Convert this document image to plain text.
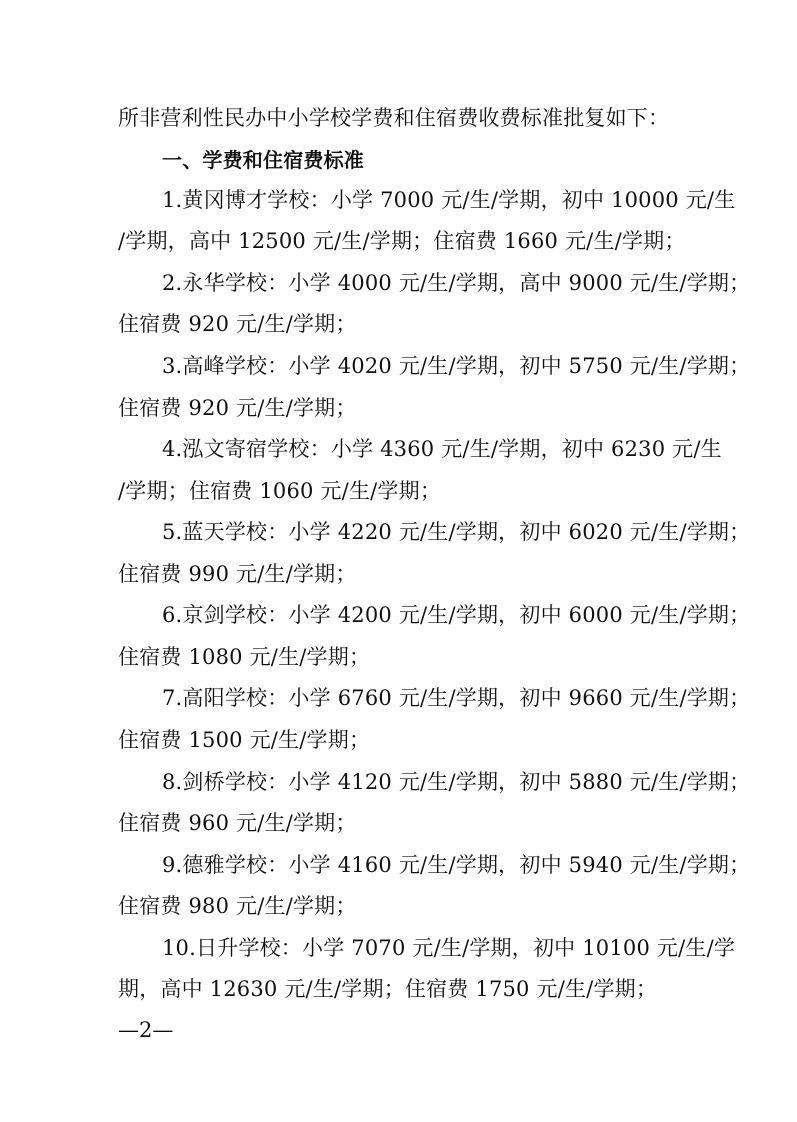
所非营利性民办中小学校学费和住宿费收费标准批复如下：
一、学费和住宿费标准
1.黄冈博才学校：小学 7000 元/生/学期，初中 10000 元/生
/学期，高中 12500 元/生/学期；住宿费 1660 元/生/学期；
2.永华学校：小学 4000 元/生/学期，高中 9000 元/生/学期；
住宿费 920 元/生/学期；
3.高峰学校：小学 4020 元/生/学期，初中 5750 元/生/学期；
住宿费 920 元/生/学期；
4.泓文寄宿学校：小学 4360 元/生/学期，初中 6230 元/生
/学期；住宿费 1060 元/生/学期；
5.蓝天学校：小学 4220 元/生/学期，初中 6020 元/生/学期；
住宿费 990 元/生/学期；
6.京剑学校：小学 4200 元/生/学期，初中 6000 元/生/学期；
住宿费 1080 元/生/学期；
7.高阳学校：小学 6760 元/生/学期，初中 9660 元/生/学期；
住宿费 1500 元/生/学期；
8.剑桥学校：小学 4120 元/生/学期，初中 5880 元/生/学期；
住宿费 960 元/生/学期；
9.德雅学校：小学 4160 元/生/学期，初中 5940 元/生/学期；
住宿费 980 元/生/学期；
10.日升学校：小学 7070 元/生/学期，初中 10100 元/生/学
期，高中 12630 元/生/学期；住宿费 1750 元/生/学期；
—2—
